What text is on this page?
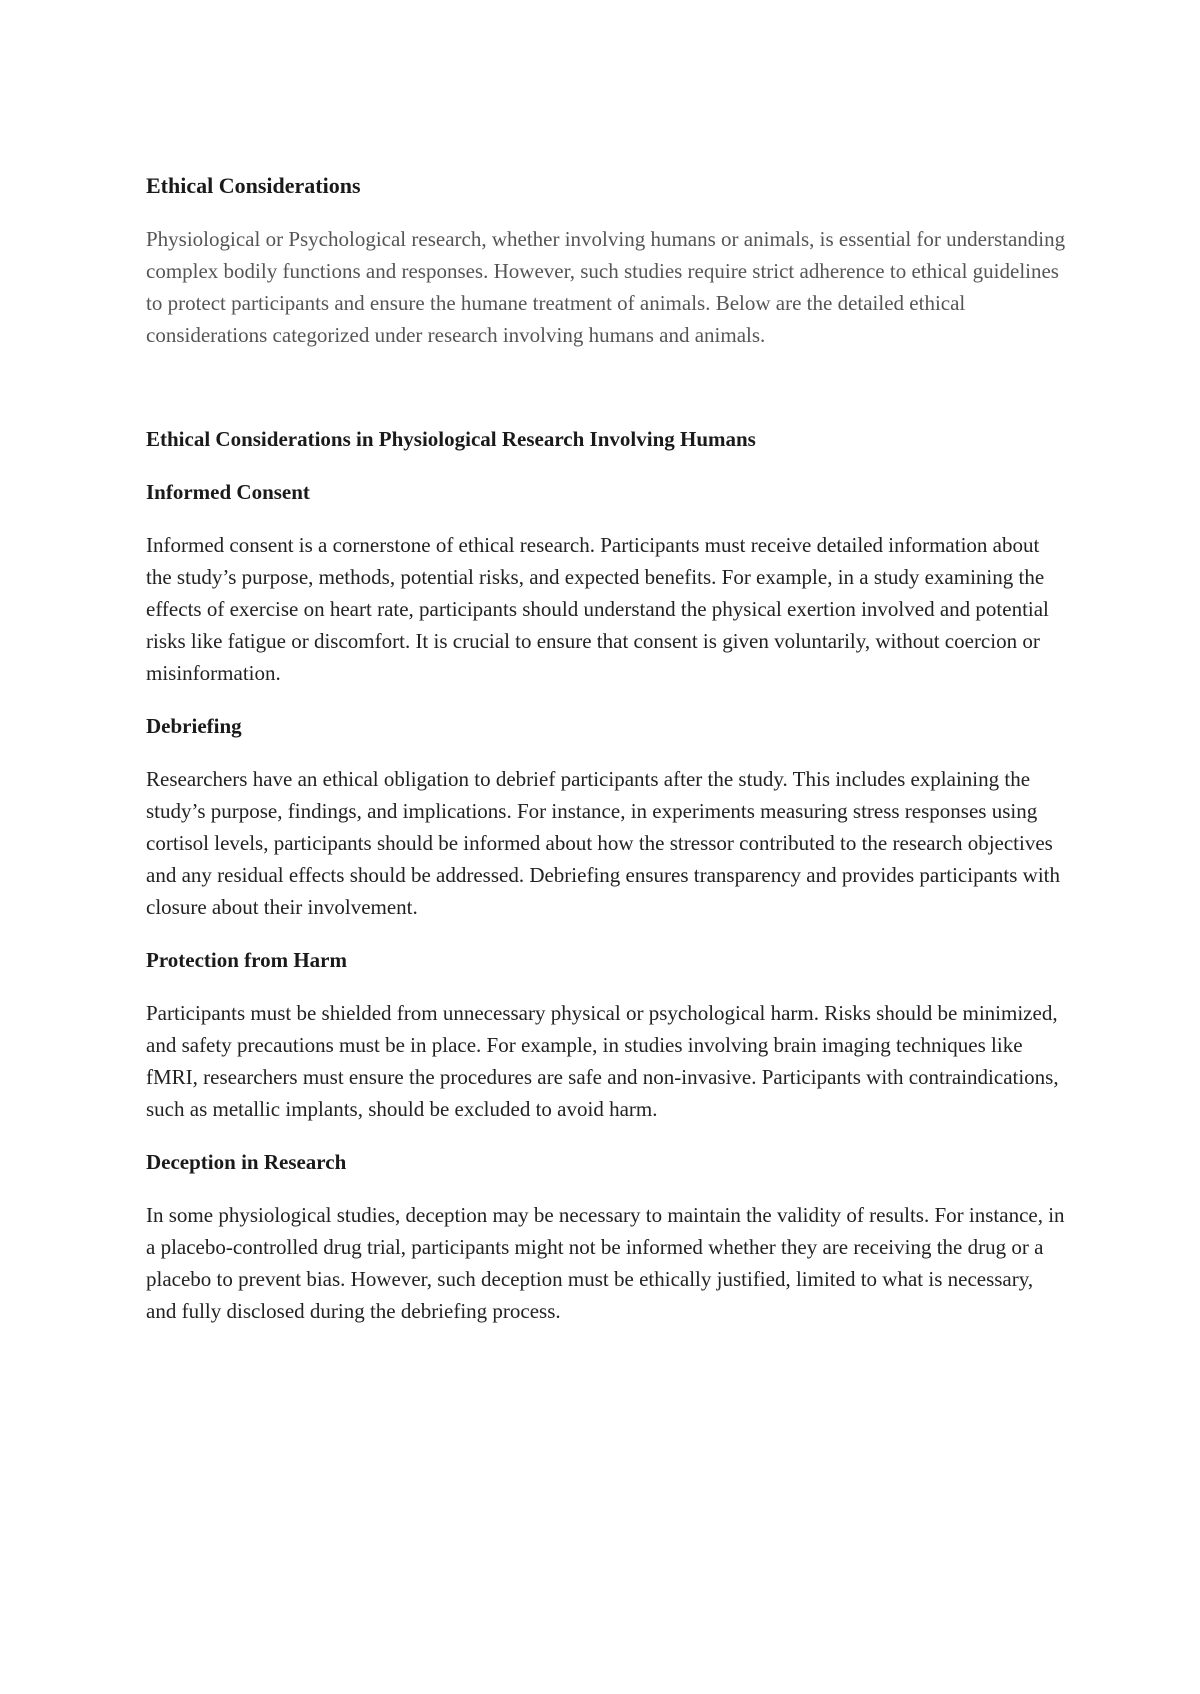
Ethical Considerations
Physiological or Psychological research, whether involving humans or animals, is essential for understanding complex bodily functions and responses. However, such studies require strict adherence to ethical guidelines to protect participants and ensure the humane treatment of animals. Below are the detailed ethical considerations categorized under research involving humans and animals.
Ethical Considerations in Physiological Research Involving Humans
Informed Consent
Informed consent is a cornerstone of ethical research. Participants must receive detailed information about the study’s purpose, methods, potential risks, and expected benefits. For example, in a study examining the effects of exercise on heart rate, participants should understand the physical exertion involved and potential risks like fatigue or discomfort. It is crucial to ensure that consent is given voluntarily, without coercion or misinformation.
Debriefing
Researchers have an ethical obligation to debrief participants after the study. This includes explaining the study’s purpose, findings, and implications. For instance, in experiments measuring stress responses using cortisol levels, participants should be informed about how the stressor contributed to the research objectives and any residual effects should be addressed. Debriefing ensures transparency and provides participants with closure about their involvement.
Protection from Harm
Participants must be shielded from unnecessary physical or psychological harm. Risks should be minimized, and safety precautions must be in place. For example, in studies involving brain imaging techniques like fMRI, researchers must ensure the procedures are safe and non-invasive. Participants with contraindications, such as metallic implants, should be excluded to avoid harm.
Deception in Research
In some physiological studies, deception may be necessary to maintain the validity of results. For instance, in a placebo-controlled drug trial, participants might not be informed whether they are receiving the drug or a placebo to prevent bias. However, such deception must be ethically justified, limited to what is necessary, and fully disclosed during the debriefing process.
